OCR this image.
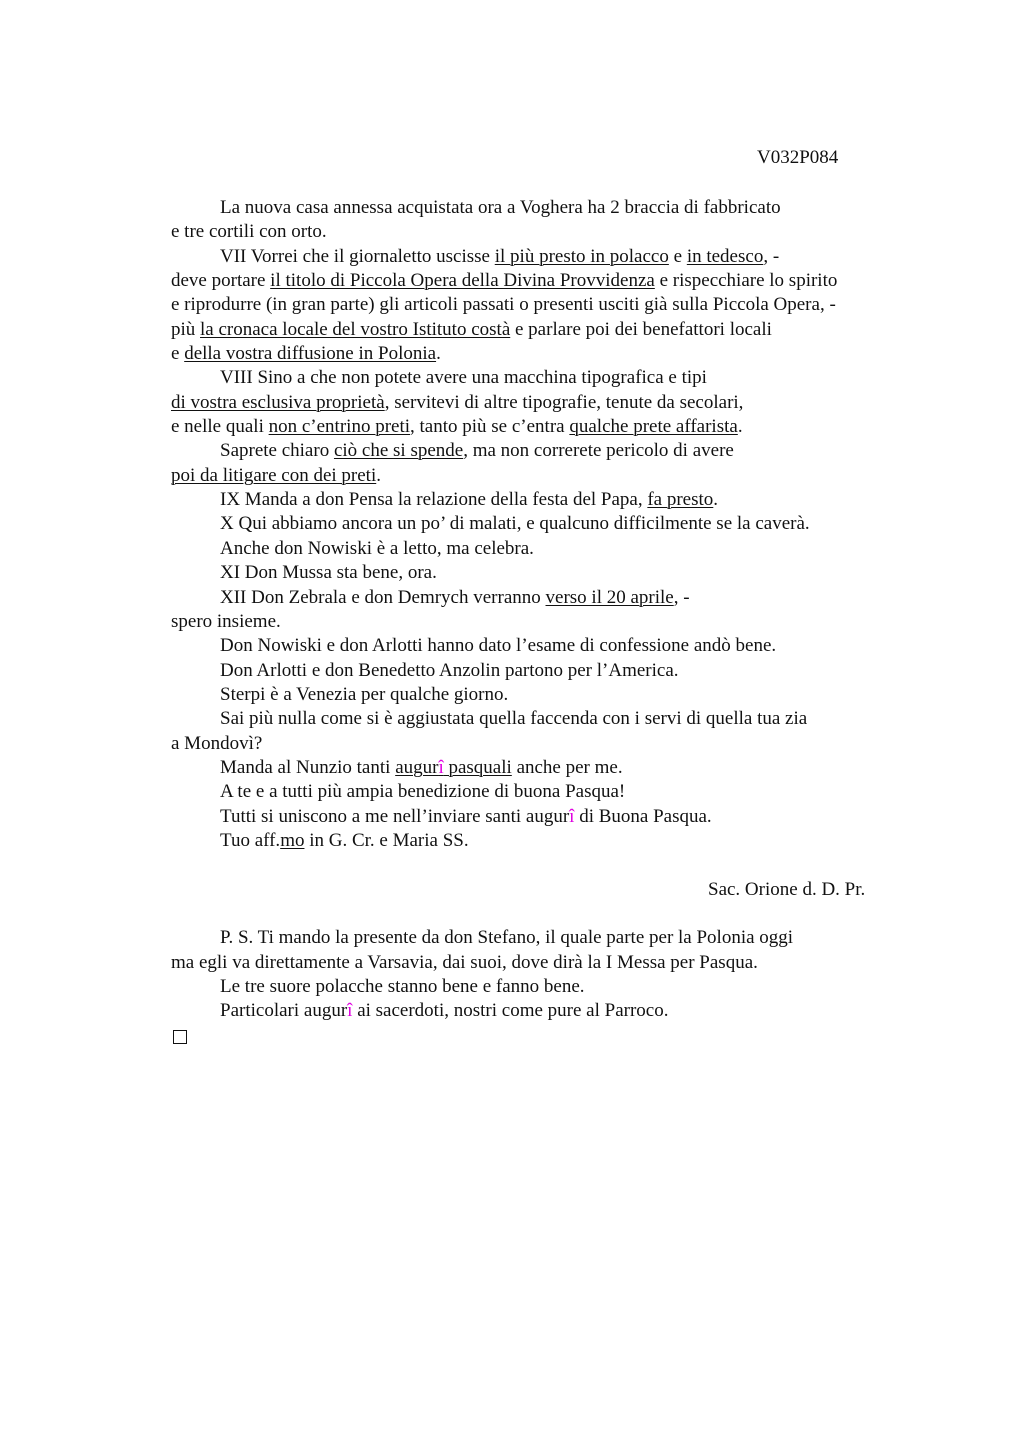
V032P084
La nuova casa annessa acquistata ora a Voghera ha 2 braccia di fabbricato
e tre cortili con orto.
VII Vorrei che il giornaletto uscisse il più presto in polacco e in tedesco, -
deve portare il titolo di Piccola Opera della Divina Provvidenza e rispecchiare lo spirito
e riprodurre (in gran parte) gli articoli passati o presenti usciti già sulla Piccola Opera, -
più la cronaca locale del vostro Istituto costà e parlare poi dei benefattori locali
e della vostra diffusione in Polonia.
VIII Sino a che non potete avere una macchina tipografica e tipi
di vostra esclusiva proprietà, servitevi di altre tipografie, tenute da secolari,
e nelle quali non c’entrino preti, tanto più se c’entra qualche prete affarista.
Saprete chiaro ciò che si spende, ma non correrete pericolo di avere
poi da litigare con dei preti.
IX Manda a don Pensa la relazione della festa del Papa, fa presto.
X Qui abbiamo ancora un po’ di malati, e qualcuno difficilmente se la caverà.
Anche don Nowiski è a letto, ma celebra.
XI Don Mussa sta bene, ora.
XII Don Zebrala e don Demrych verranno verso il 20 aprile, -
spero insieme.
Don Nowiski e don Arlotti hanno dato l’esame di confessione andò bene.
Don Arlotti e don Benedetto Anzolin partono per l’America.
Sterpi è a Venezia per qualche giorno.
Sai più nulla come si è aggiustata quella faccenda con i servi di quella tua zia
a Mondovì?
Manda al Nunzio tanti augurî pasquali anche per me.
A te e a tutti più ampia benedizione di buona Pasqua!
Tutti si uniscono a me nell’inviare santi augurî di Buona Pasqua.
Tuo aff.mo in G. Cr. e Maria SS.
Sac. Orione d. D. Pr.
P. S. Ti mando la presente da don Stefano, il quale parte per la Polonia oggi
ma egli va direttamente a Varsavia, dai suoi, dove dirà la I Messa per Pasqua.
Le tre suore polacche stanno bene e fanno bene.
Particolari augurî ai sacerdoti, nostri come pure al Parroco.
